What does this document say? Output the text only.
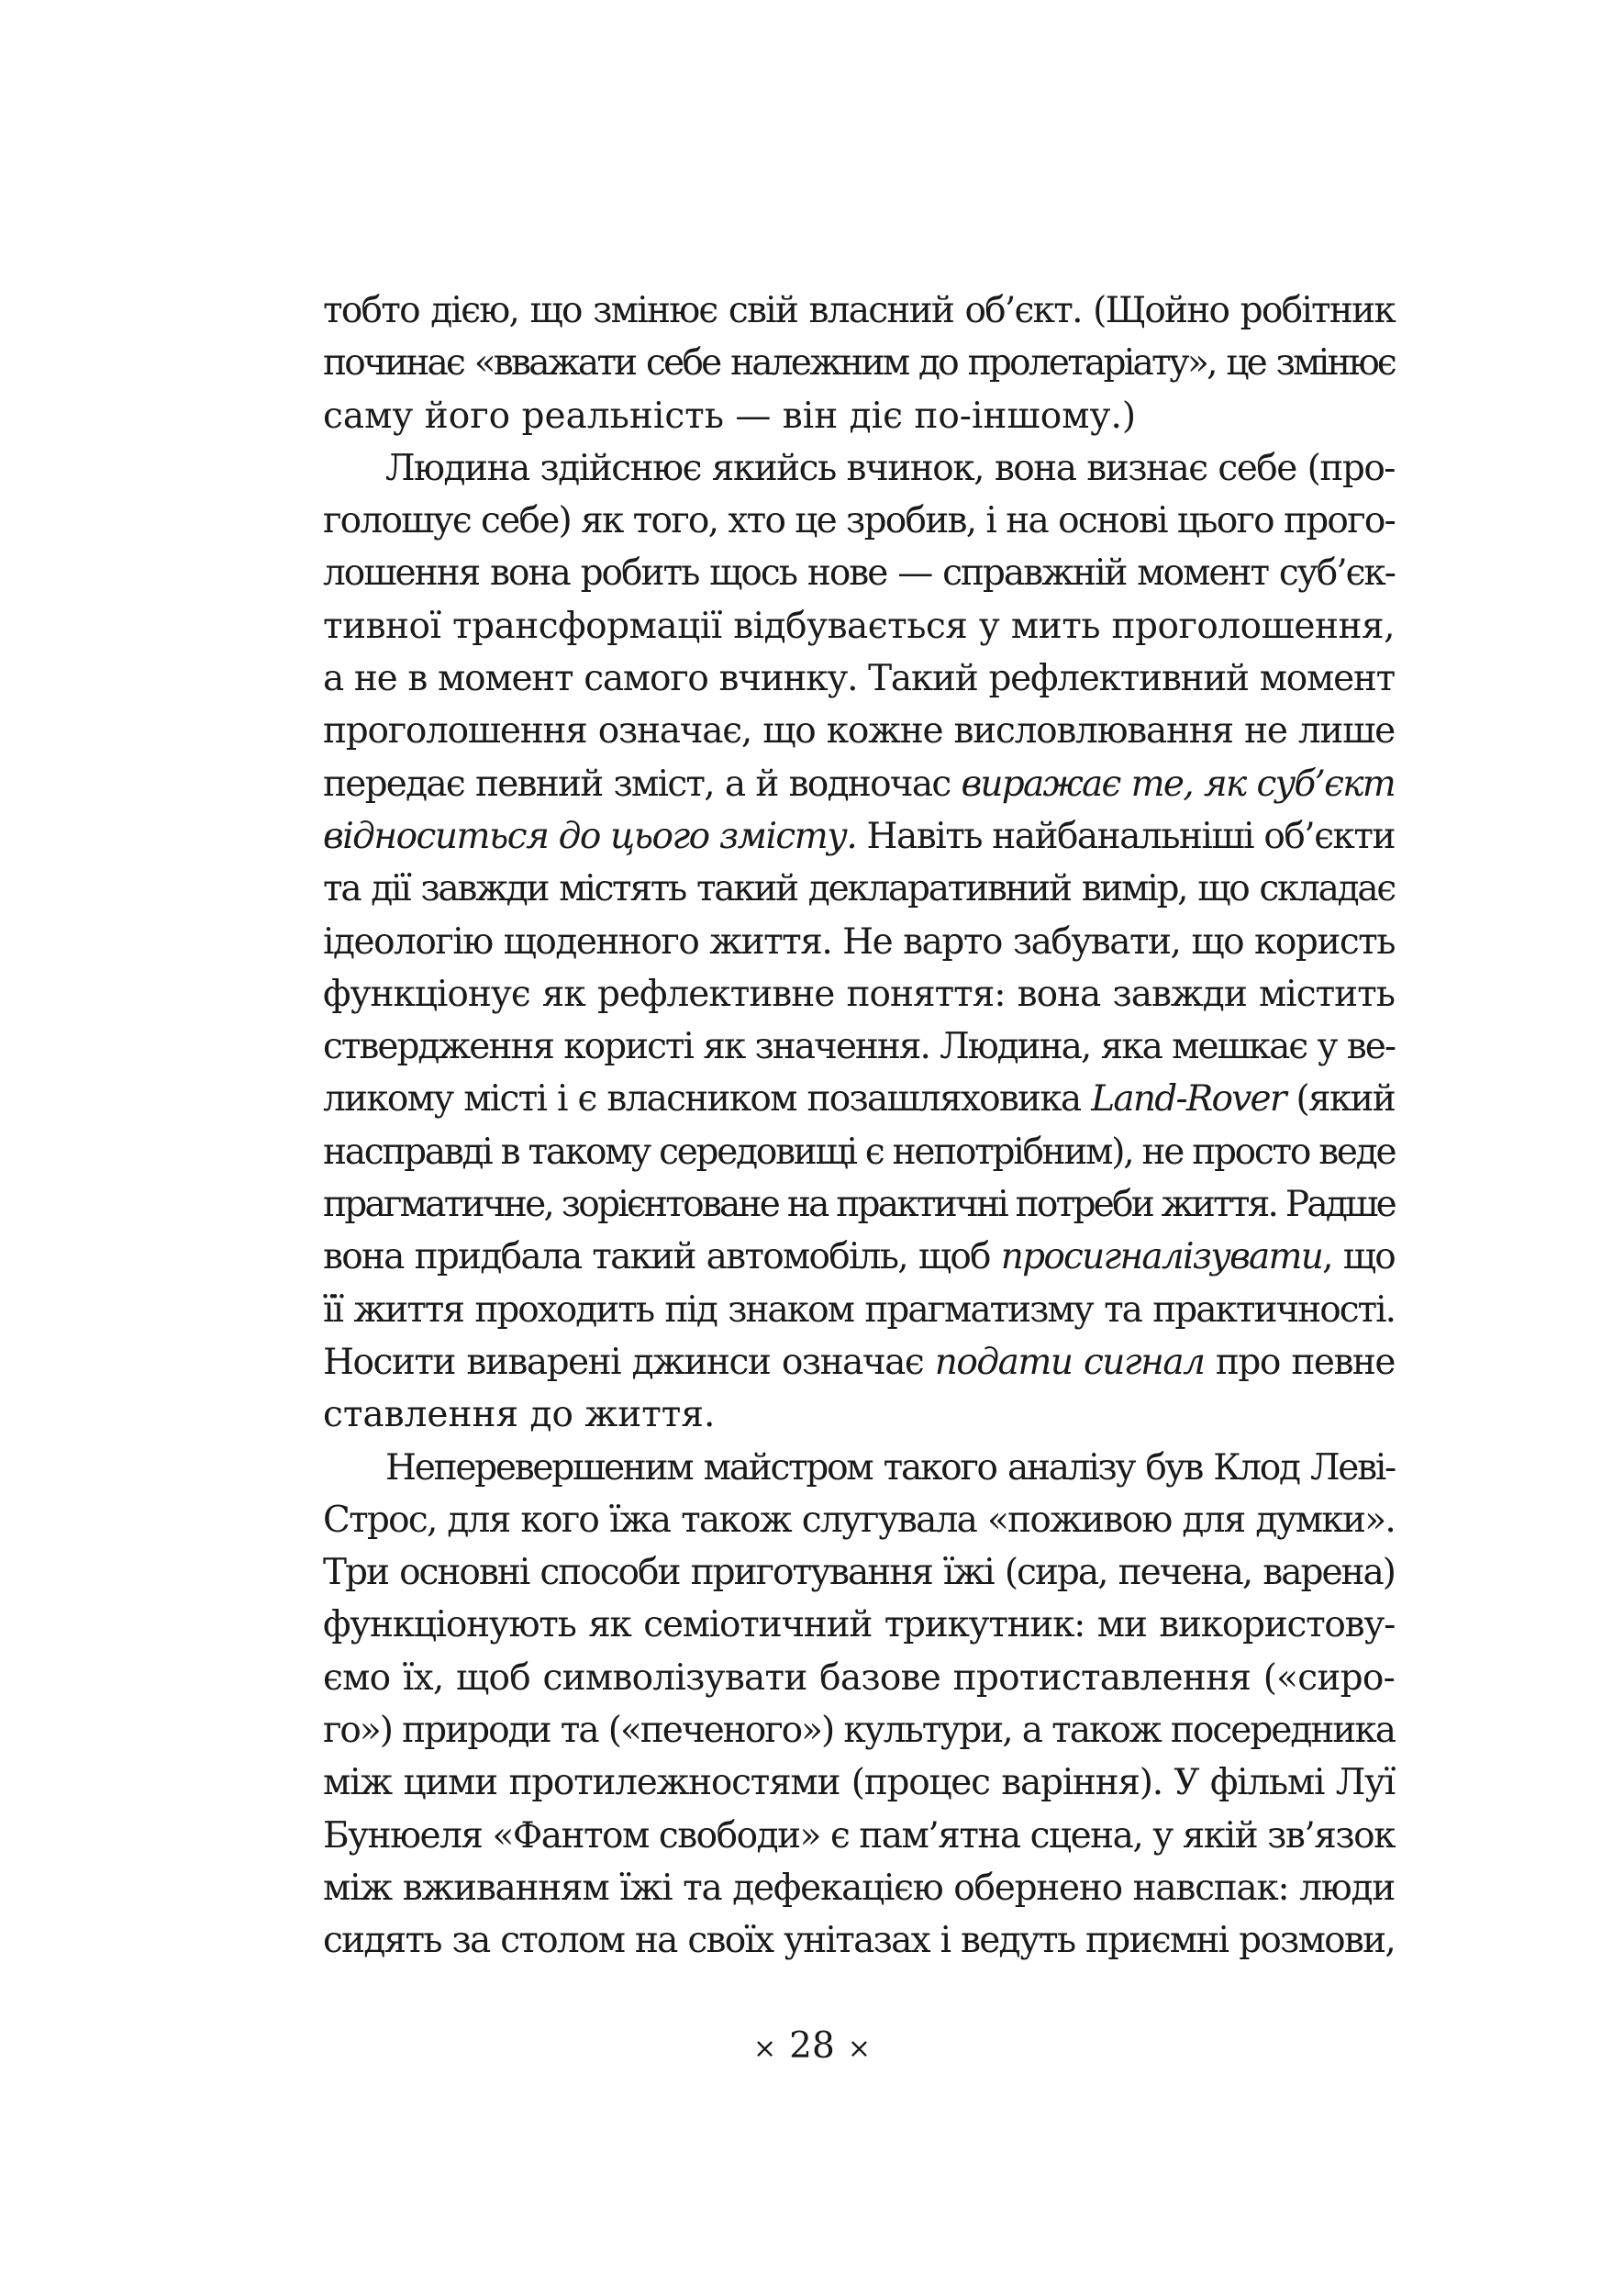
тобто дією, що змінює свій власний об’єкт. (Щойно робітник
починає «вважати себе належним до пролетаріату», це змінює
саму його реальність — він діє по-іншому.)
Людина здійснює якийсь вчинок, вона визнає себе (про-
голошує себе) як того, хто це зробив, і на основі цього прого-
лошення вона робить щось нове — справжній момент суб’єк-
тивної трансформації відбувається у мить проголошення,
а не в момент самого вчинку. Такий рефлективний момент
проголошення означає, що кожне висловлювання не лише
передає певний зміст, а й водночас виражає те, як суб’єкт
відноситься до цього змісту. Навіть найбанальніші об’єкти
та дії завжди містять такий декларативний вимір, що складає
ідеологію щоденного життя. Не варто забувати, що користь
функціонує як рефлективне поняття: вона завжди містить
ствердження користі як значення. Людина, яка мешкає у ве-
ликому місті і є власником позашляховика Land-Rover (який
насправді в такому середовищі є непотрібним), не просто веде
прагматичне, зорієнтоване на практичні потреби життя. Радше
вона придбала такий автомобіль, щоб просигналізувати, що
її життя проходить під знаком прагматизму та практичності.
Носити виварені джинси означає подати сигнал про певне
ставлення до життя.
Неперевершеним майстром такого аналізу був Клод Леві-
Строс, для кого їжа також слугувала «поживою для думки».
Три основні способи приготування їжі (сира, печена, варена)
функціонують як семіотичний трикутник: ми використову-
ємо їх, щоб символізувати базове протиставлення («сиро-
го») природи та («печеного») культури, а також посередника
між цими протилежностями (процес варіння). У фільмі Луї
Бунюеля «Фантом свободи» є пам’ятна сцена, у якій зв’язок
між вживанням їжі та дефекацією обернено навспак: люди
сидять за столом на своїх унітазах і ведуть приємні розмови,
× 28 ×
